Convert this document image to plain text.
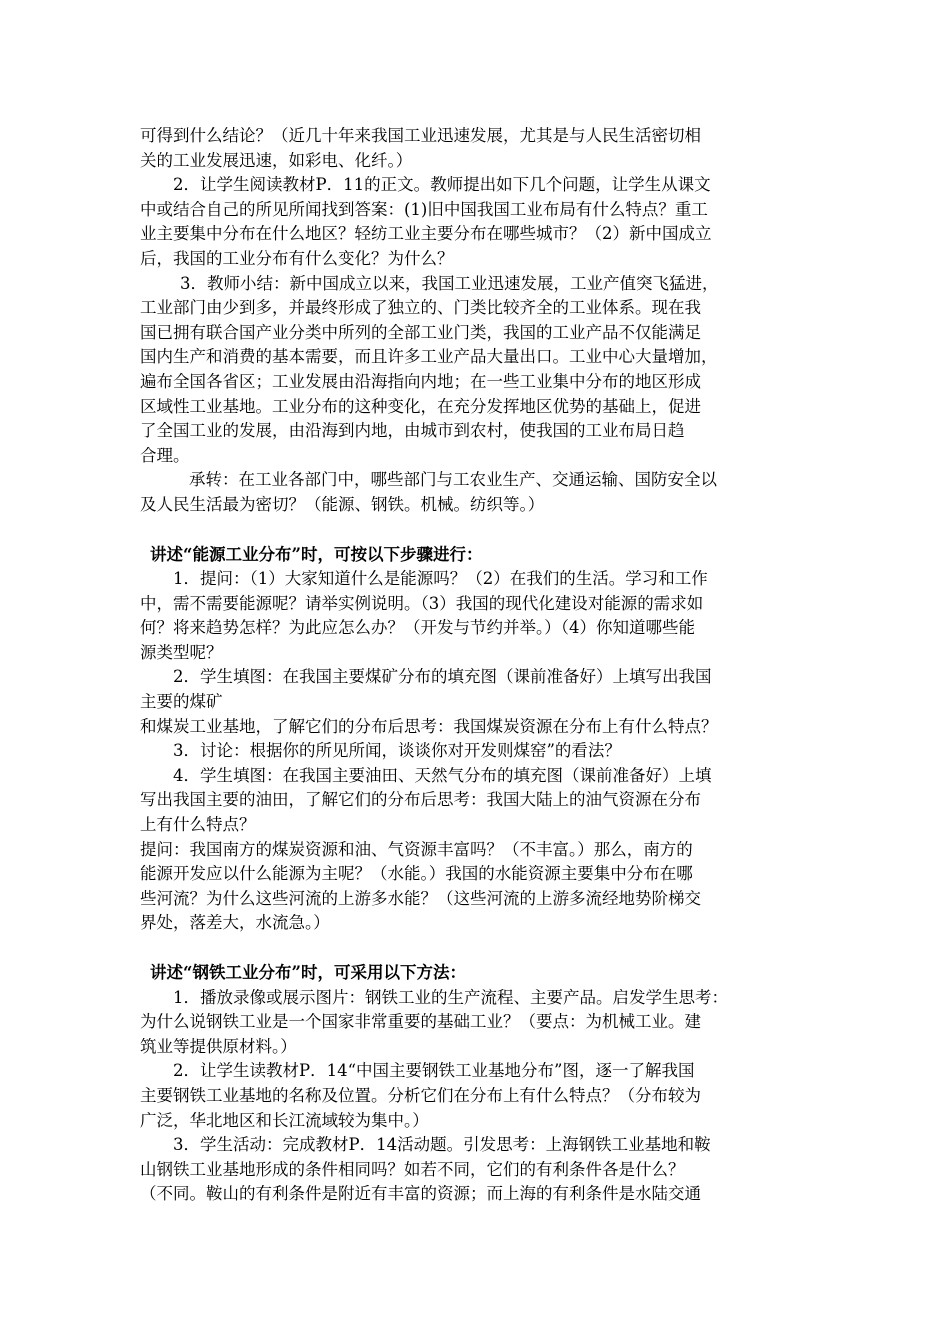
可得到什么结论？（近几十年来我国工业迅速发展，尤其是与人民生活密切相

关的工业发展迅速，如彩电、化纤。）

2．让学生阅读教材P．11的正文。教师提出如下几个问题，让学生从课文

中或结合自己的所见所闻找到答案：(1)旧中国我国工业布局有什么特点？重工

业主要集中分布在什么地区？轻纺工业主要分布在哪些城市？（2）新中国成立

后，我国的工业分布有什么变化？为什么？

3．教师小结：新中国成立以来，我国工业迅速发展，工业产值突飞猛进，

工业部门由少到多，并最终形成了独立的、门类比较齐全的工业体系。现在我

国已拥有联合国产业分类中所列的全部工业门类，我国的工业产品不仅能满足

国内生产和消费的基本需要，而且许多工业产品大量出口。工业中心大量增加，

遍布全国各省区；工业发展由沿海指向内地；在一些工业集中分布的地区形成

区域性工业基地。工业分布的这种变化，在充分发挥地区优势的基础上，促进

了全国工业的发展，由沿海到内地，由城市到农村，使我国的工业布局日趋

合理。

承转：在工业各部门中，哪些部门与工农业生产、交通运输、国防安全以

及人民生活最为密切？（能源、钢铁。机械。纺织等。）

讲述“能源工业分布”时，可按以下步骤进行：

1．提问：（1）大家知道什么是能源吗？（2）在我们的生活。学习和工作

中，需不需要能源呢？请举实例说明。（3）我国的现代化建设对能源的需求如

何？将来趋势怎样？为此应怎么办？（开发与节约并举。）（4）你知道哪些能

源类型呢？

2．学生填图：在我国主要煤矿分布的填充图（课前准备好）上填写出我国

主要的煤矿

和煤炭工业基地，了解它们的分布后思考：我国煤炭资源在分布上有什么特点？

3．讨论：根据你的所见所闻，谈谈你对开发则煤窑”的看法？

4．学生填图：在我国主要油田、天然气分布的填充图（课前准备好）上填

写出我国主要的油田，了解它们的分布后思考：我国大陆上的油气资源在分布

上有什么特点？

提问：我国南方的煤炭资源和油、气资源丰富吗？（不丰富。）那么，南方的

能源开发应以什么能源为主呢？（水能。）我国的水能资源主要集中分布在哪

些河流？为什么这些河流的上游多水能？（这些河流的上游多流经地势阶梯交

界处，落差大，水流急。）

讲述“钢铁工业分布”时，可采用以下方法：

1．播放录像或展示图片：钢铁工业的生产流程、主要产品。启发学生思考：

为什么说钢铁工业是一个国家非常重要的基础工业？（要点：为机械工业。建

筑业等提供原材料。）

2．让学生读教材P．14“中国主要钢铁工业基地分布”图，逐一了解我国

主要钢铁工业基地的名称及位置。分析它们在分布上有什么特点？（分布较为

广泛，华北地区和长江流域较为集中。）

3．学生活动：完成教材P．14活动题。引发思考：上海钢铁工业基地和鞍

山钢铁工业基地形成的条件相同吗？如若不同，它们的有利条件各是什么？

（不同。鞍山的有利条件是附近有丰富的资源；而上海的有利条件是水陆交通
